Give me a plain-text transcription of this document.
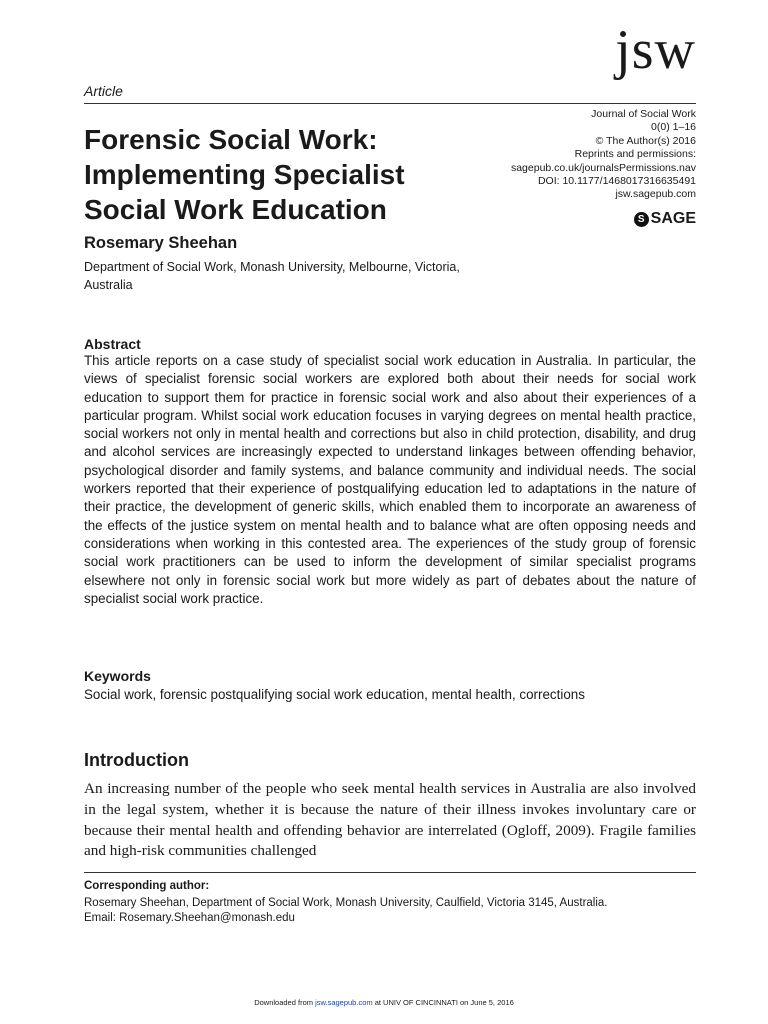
Article
jsw
Journal of Social Work
0(0) 1–16
© The Author(s) 2016
Reprints and permissions:
sagepub.co.uk/journalsPermissions.nav
DOI: 10.1177/1468017316635491
jsw.sagepub.com
S SAGE
Forensic Social Work:
Implementing Specialist
Social Work Education
Rosemary Sheehan
Department of Social Work, Monash University, Melbourne, Victoria, Australia
Abstract
This article reports on a case study of specialist social work education in Australia. In particular, the views of specialist forensic social workers are explored both about their needs for social work education to support them for practice in forensic social work and also about their experiences of a particular program. Whilst social work education focuses in varying degrees on mental health practice, social workers not only in mental health and corrections but also in child protection, disability, and drug and alcohol services are increasingly expected to understand linkages between offending behavior, psychological disorder and family systems, and balance community and individual needs. The social workers reported that their experience of postqualifying education led to adaptations in the nature of their practice, the development of generic skills, which enabled them to incorporate an awareness of the effects of the justice system on mental health and to balance what are often opposing needs and considerations when working in this contested area. The experiences of the study group of forensic social work practitioners can be used to inform the development of similar specialist programs elsewhere not only in forensic social work but more widely as part of debates about the nature of specialist social work practice.
Keywords
Social work, forensic postqualifying social work education, mental health, corrections
Introduction
An increasing number of the people who seek mental health services in Australia are also involved in the legal system, whether it is because the nature of their illness invokes involuntary care or because their mental health and offending behavior are interrelated (Ogloff, 2009). Fragile families and high-risk communities challenged
Corresponding author:
Rosemary Sheehan, Department of Social Work, Monash University, Caulfield, Victoria 3145, Australia.
Email: Rosemary.Sheehan@monash.edu
Downloaded from jsw.sagepub.com at UNIV OF CINCINNATI on June 5, 2016
